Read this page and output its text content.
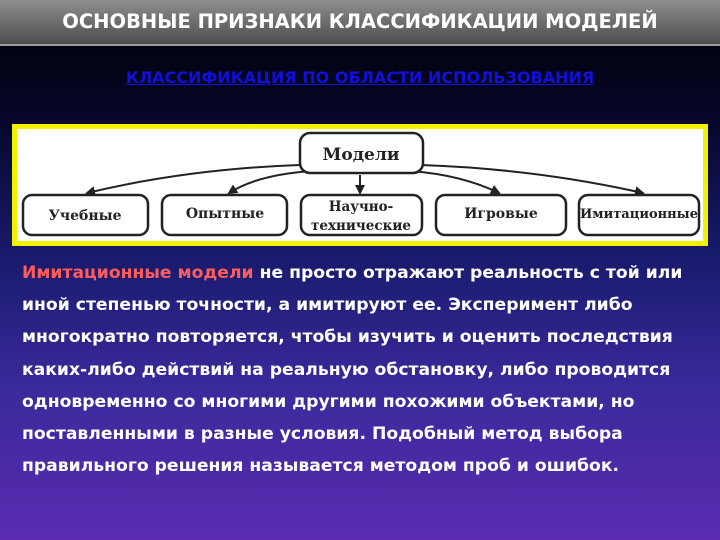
ОСНОВНЫЕ ПРИЗНАКИ КЛАССИФИКАЦИИ МОДЕЛЕЙ
КЛАССИФИКАЦИЯ ПО ОБЛАСТИ ИСПОЛЬЗОВАНИЯ
Модели
Учебные	Опытные	Научно-
технические
Игровые	Имитационные

Имитационные модели не просто отражают реальность с той или иной степенью точности, а имитируют ее. Эксперимент либо многократно повторяется, чтобы изучить и оценить последствия каких-либо действий на реальную обстановку, либо проводится одновременно со многими другими похожими объектами, но поставленными в разные условия. Подобный метод выбора правильного решения называется методом проб и ошибок.
